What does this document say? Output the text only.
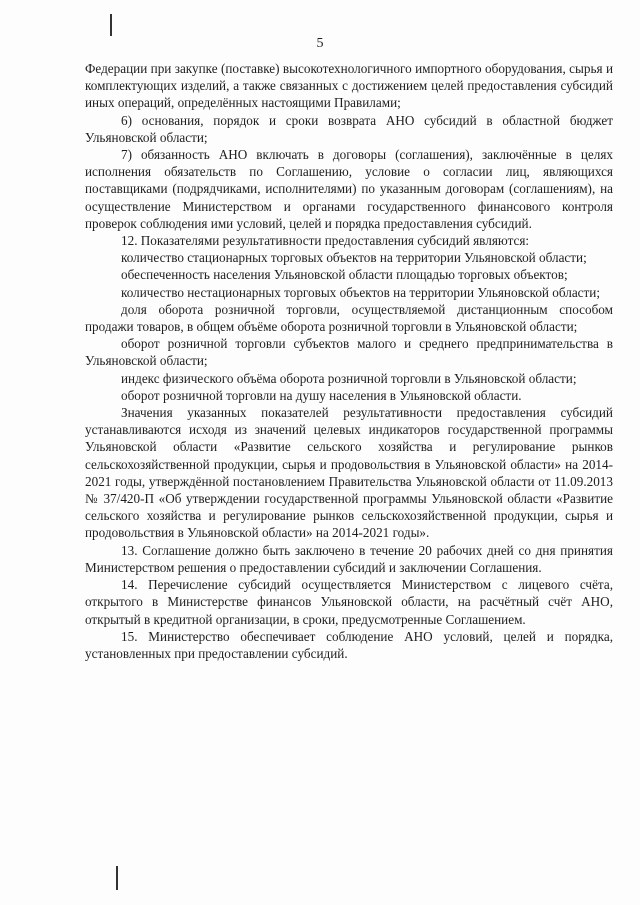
5

Федерации при закупке (поставке) высокотехнологичного импортного оборудования, сырья и комплектующих изделий, а также связанных с достижением целей предоставления субсидий иных операций, определённых настоящими Правилами;

6) основания, порядок и сроки возврата АНО субсидий в областной бюджет Ульяновской области;

7) обязанность АНО включать в договоры (соглашения), заключённые в целях исполнения обязательств по Соглашению, условие о согласии лиц, являющихся поставщиками (подрядчиками, исполнителями) по указанным договорам (соглашениям), на осуществление Министерством и органами государственного финансового контроля проверок соблюдения ими условий, целей и порядка предоставления субсидий.

12. Показателями результативности предоставления субсидий являются:

количество стационарных торговых объектов на территории Ульяновской области;

обеспеченность населения Ульяновской области площадью торговых объектов;

количество нестационарных торговых объектов на территории Ульяновской области;

доля оборота розничной торговли, осуществляемой дистанционным способом продажи товаров, в общем объёме оборота розничной торговли в Ульяновской области;

оборот розничной торговли субъектов малого и среднего предпринимательства в Ульяновской области;

индекс физического объёма оборота розничной торговли в Ульяновской области;

оборот розничной торговли на душу населения в Ульяновской области.

Значения указанных показателей результативности предоставления субсидий устанавливаются исходя из значений целевых индикаторов государственной программы Ульяновской области «Развитие сельского хозяйства и регулирование рынков сельскохозяйственной продукции, сырья и продовольствия в Ульяновской области» на 2014-2021 годы, утверждённой постановлением Правительства Ульяновской области от 11.09.2013 № 37/420-П «Об утверждении государственной программы Ульяновской области «Развитие сельского хозяйства и регулирование рынков сельскохозяйственной продукции, сырья и продовольствия в Ульяновской области» на 2014-2021 годы».

13. Соглашение должно быть заключено в течение 20 рабочих дней со дня принятия Министерством решения о предоставлении субсидий и заключении Соглашения.

14. Перечисление субсидий осуществляется Министерством с лицевого счёта, открытого в Министерстве финансов Ульяновской области, на расчётный счёт АНО, открытый в кредитной организации, в сроки, предусмотренные Соглашением.

15. Министерство обеспечивает соблюдение АНО условий, целей и порядка, установленных при предоставлении субсидий.
